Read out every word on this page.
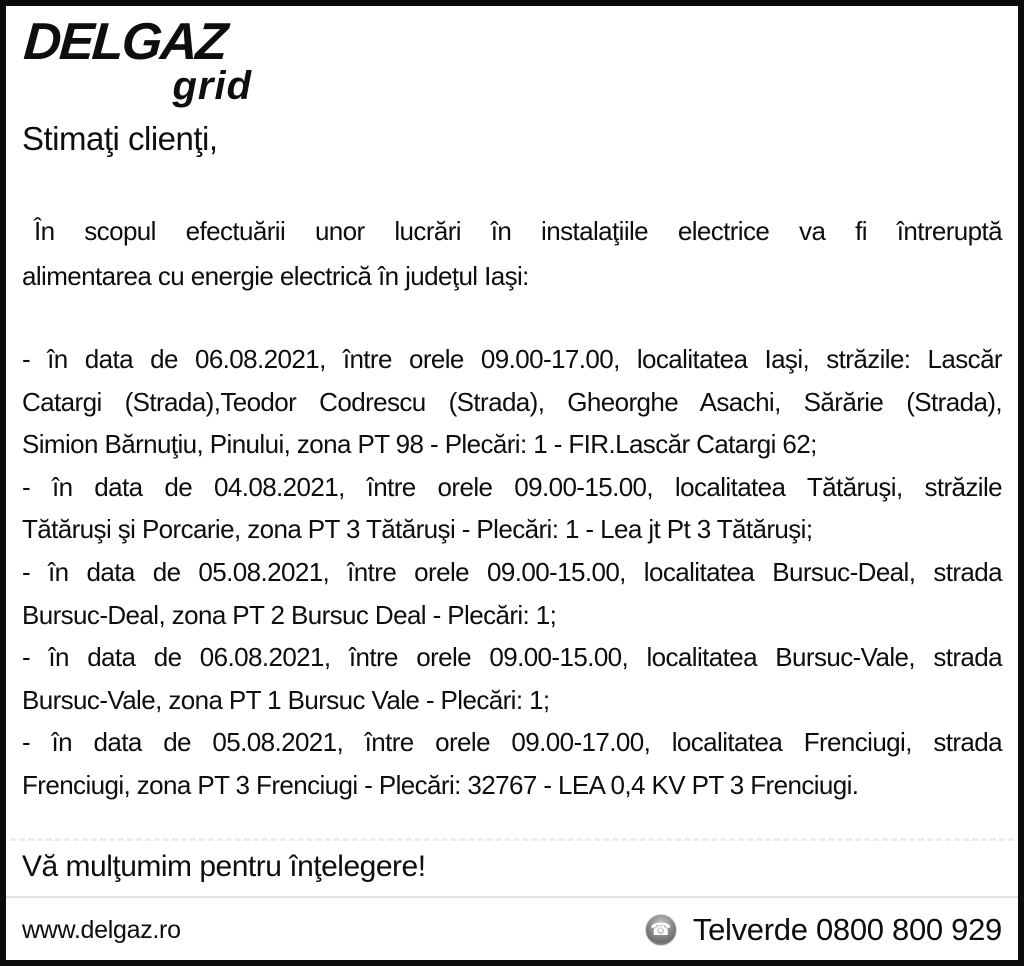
DELGAZ
grid
Stimaţi clienţi,
În scopul efectuării unor lucrări în instalaţiile electrice va fi întreruptă
alimentarea cu energie electrică în judeţul Iaşi:
- în data de 06.08.2021, între orele 09.00-17.00, localitatea Iaşi, străzile: Lascăr
Catargi (Strada),Teodor Codrescu (Strada), Gheorghe Asachi, Sărărie (Strada),
Simion Bărnuţiu, Pinului, zona PT 98 - Plecări: 1 - FIR.Lascăr Catargi 62;
- în data de 04.08.2021, între orele 09.00-15.00, localitatea Tătăruşi, străzile
Tătăruşi şi Porcarie, zona PT 3 Tătăruşi - Plecări: 1 - Lea jt Pt 3 Tătăruşi;
- în data de 05.08.2021, între orele 09.00-15.00, localitatea Bursuc-Deal, strada
Bursuc-Deal, zona PT 2 Bursuc Deal - Plecări: 1;
- în data de 06.08.2021, între orele 09.00-15.00, localitatea Bursuc-Vale, strada
Bursuc-Vale, zona PT 1 Bursuc Vale - Plecări: 1;
- în data de 05.08.2021, între orele 09.00-17.00, localitatea Frenciugi, strada
Frenciugi, zona PT 3 Frenciugi - Plecări: 32767 - LEA 0,4 KV PT 3 Frenciugi.
Vă mulţumim pentru înţelegere!
www.delgaz.ro	☎ Telverde 0800 800 929
